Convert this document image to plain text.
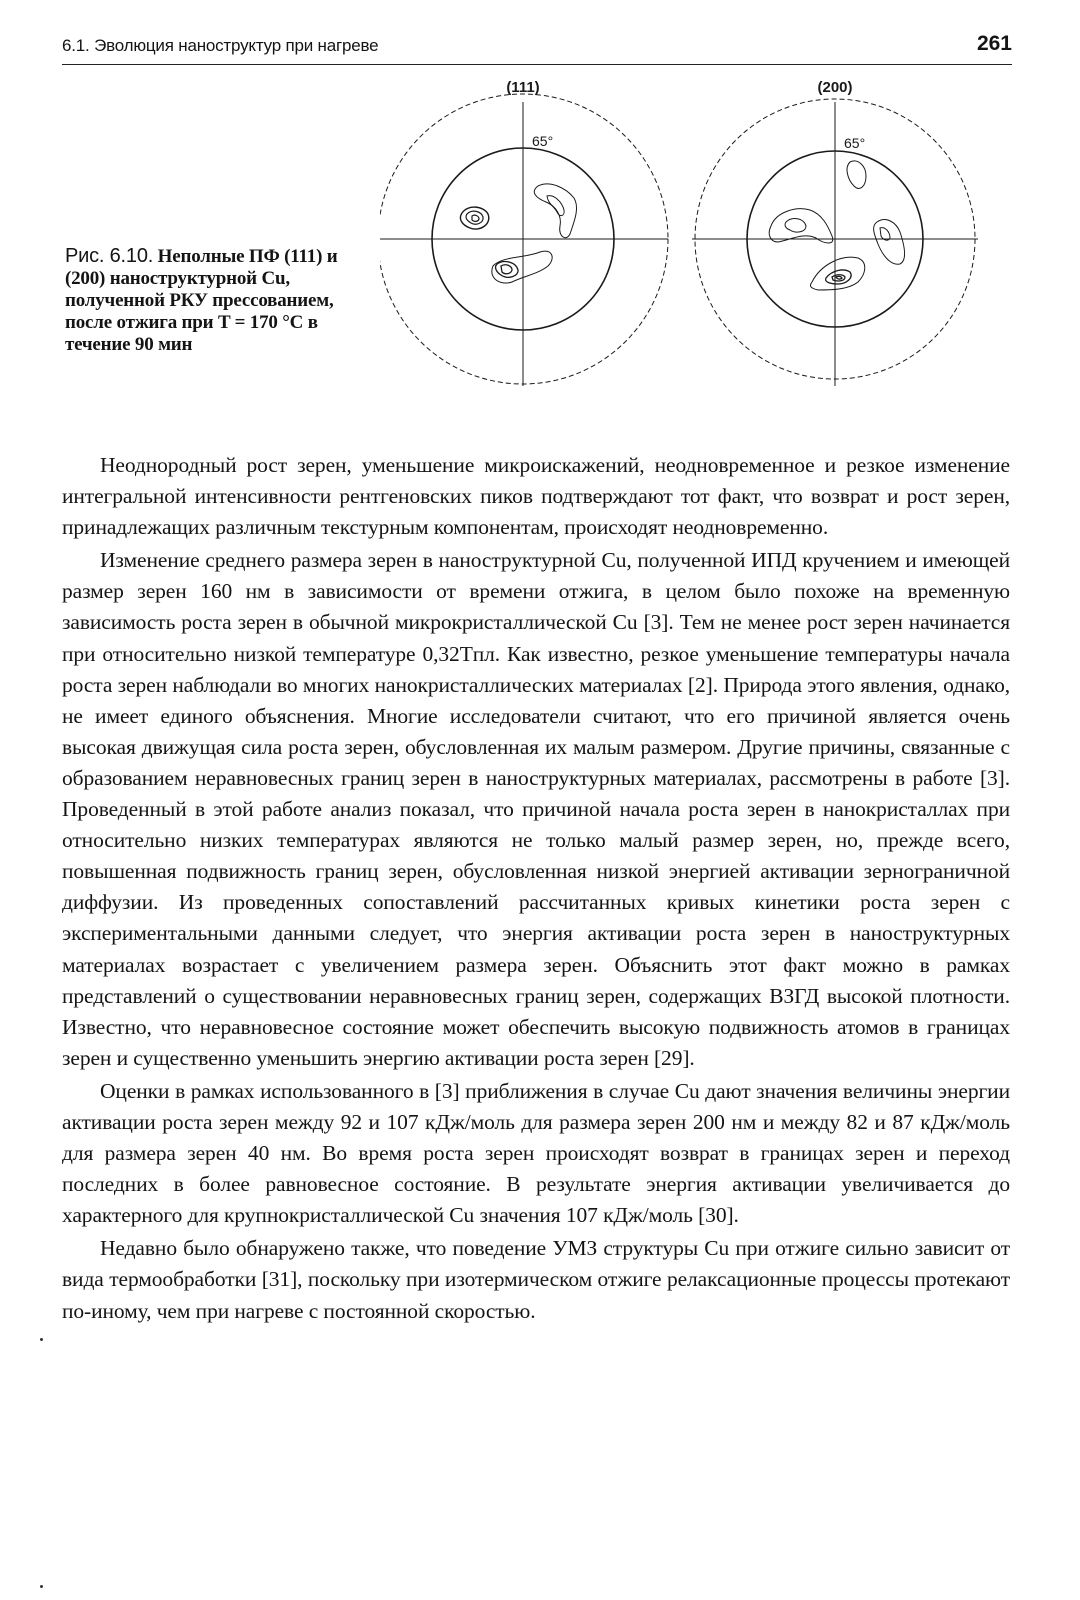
6.1. Эволюция наноструктур при нагреве	261
(111)	(200)
65°	65°
Рис. 6.10. Неполные ПФ (111) и (200) наноструктурной Cu, полученной РКУ прессованием, после отжига при T = 170 °С в течение 90 мин

Неоднородный рост зерен, уменьшение микроискажений, неодновременное и резкое изменение интегральной интенсивности рентгеновских пиков подтверждают тот факт, что возврат и рост зерен, принадлежащих различным текстурным компонентам, происходят неодновременно.

Изменение среднего размера зерен в наноструктурной Cu, полученной ИПД кручением и имеющей размер зерен 160 нм в зависимости от времени отжига, в целом было похоже на временную зависимость роста зерен в обычной микрокристаллической Cu [3]. Тем не менее рост зерен начинается при относительно низкой температуре 0,32Tпл. Как известно, резкое уменьшение температуры начала роста зерен наблюдали во многих нанокристаллических материалах [2]. Природа этого явления, однако, не имеет единого объяснения. Многие исследователи считают, что его причиной является очень высокая движущая сила роста зерен, обусловленная их малым размером. Другие причины, связанные с образованием неравновесных границ зерен в наноструктурных материалах, рассмотрены в работе [3]. Проведенный в этой работе анализ показал, что причиной начала роста зерен в нанокристаллах при относительно низких температурах являются не только малый размер зерен, но, прежде всего, повышенная подвижность границ зерен, обусловленная низкой энергией активации зернограничной диффузии. Из проведенных сопоставлений рассчитанных кривых кинетики роста зерен с экспериментальными данными следует, что энергия активации роста зерен в наноструктурных материалах возрастает с увеличением размера зерен. Объяснить этот факт можно в рамках представлений о существовании неравновесных границ зерен, содержащих ВЗГД высокой плотности. Известно, что неравновесное состояние может обеспечить высокую подвижность атомов в границах зерен и существенно уменьшить энергию активации роста зерен [29].

Оценки в рамках использованного в [3] приближения в случае Cu дают значения величины энергии активации роста зерен между 92 и 107 кДж/моль для размера зерен 200 нм и между 82 и 87 кДж/моль для размера зерен 40 нм. Во время роста зерен происходят возврат в границах зерен и переход последних в более равновесное состояние. В результате энергия активации увеличивается до характерного для крупнокристаллической Cu значения 107 кДж/моль [30].

Недавно было обнаружено также, что поведение УМЗ структуры Cu при отжиге сильно зависит от вида термообработки [31], поскольку при изотермическом отжиге релаксационные процессы протекают по-иному, чем при нагреве с постоянной скоростью.
